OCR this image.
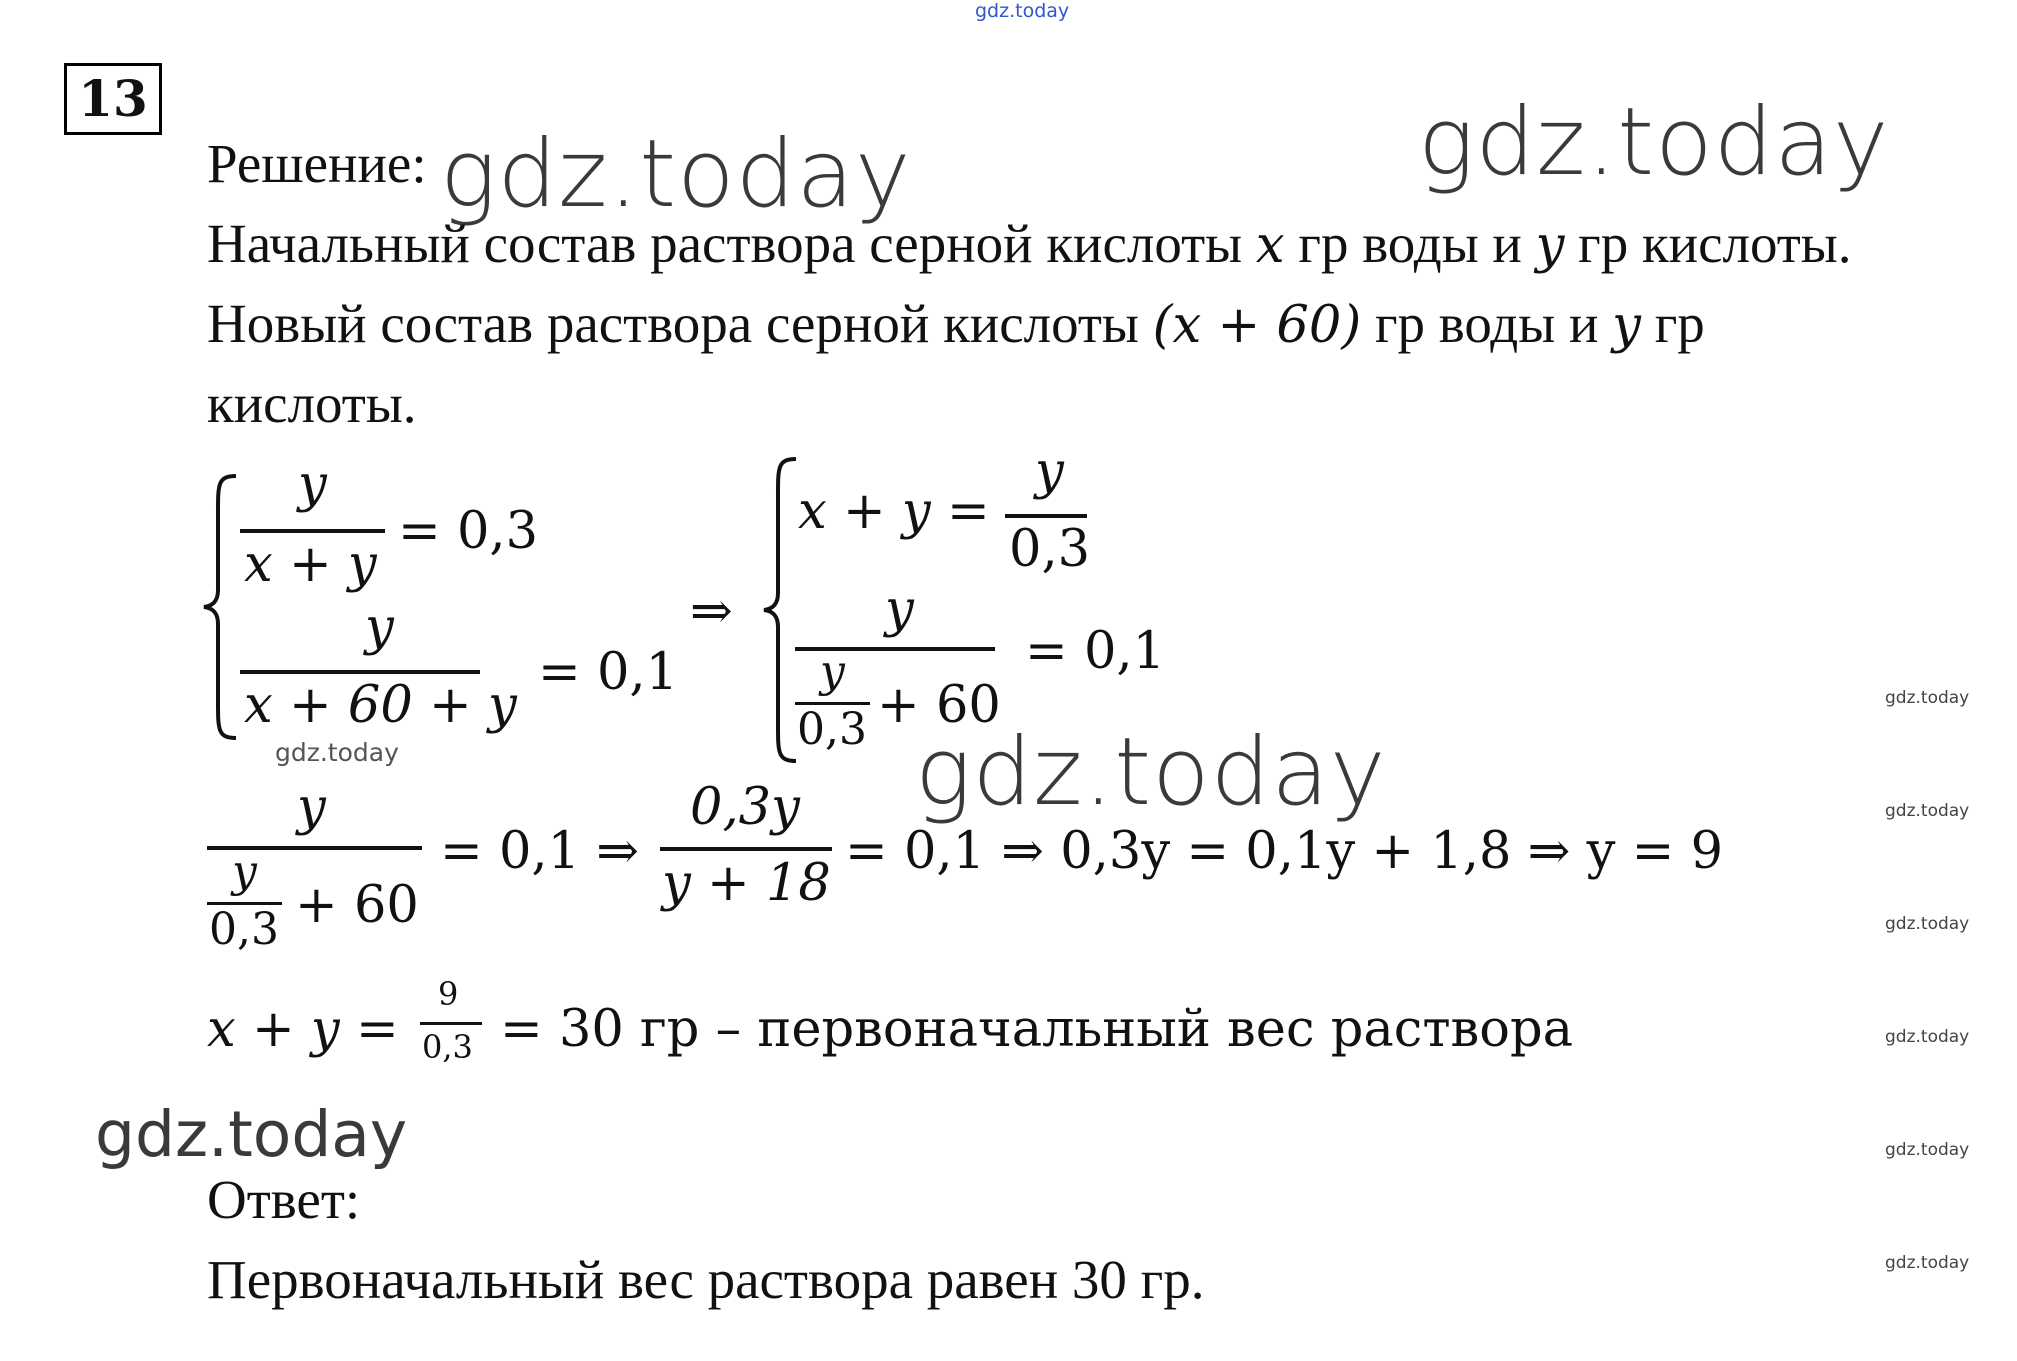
gdz.today
gdz.today
gdz.today
gdz.today
gdz.today
gdz.today
gdz.today
gdz.today
gdz.today
gdz.today
gdz.today
gdz.today
13
Решение:
Начальный состав раствора серной кислоты x гр воды и y гр кислоты.
Новый состав раствора серной кислоты (x + 60) гр воды и y гр
кислоты.
y
x + y
= 0,3
y
x + 60 + y
= 0,1
⇒
x + y =
y
0,3
y
y
0,3 + 60
= 0,1
y
y
0,3 + 60
= 0,1 ⇒
0,3y
y + 18
= 0,1 ⇒ 0,3y = 0,1y + 1,8 ⇒ y = 9
x + y =
9
0,3 = 30 гр – первоначальный вес раствора
Ответ:
Первоначальный вес раствора равен 30 гр.
